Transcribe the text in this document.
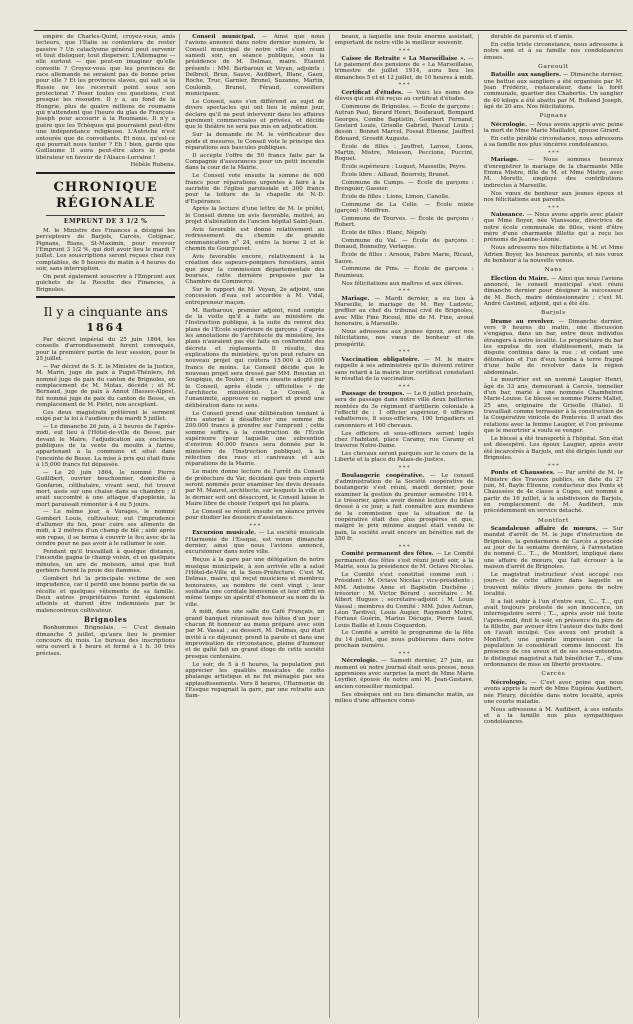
empire de Charles-Quint, croyez-vous, amis lecteurs, que l'Italie se contentera de rester passive ? Un cataclysme général peut survenir et tout disloquer, tout disperser. L'Allemagne — elle surtout — que peut-on imaginer qu'elle convoite ? Croyez-vous que les provinces de race allemande ne seraient pas de bonne prise pour elle ? Et les provinces slaves, qui sait si la Russie ne les recevrait point sous son protectorat ? Poser toutes ces questions, c'est presque les résoudre. Il y a, au fond de la Hongrie, plus de quatre millions de roumains qui n'attendent que l'heure du glas de François-Joseph pour accourir à la Roumanie. Il n'y a guère que les Tchèques qui pourraient peut-être une indépendance religieuse. L'Autriche n'est entourée que de convoitants. Et nous, qu'est-ce qui pourrait nous tenter ? Eh ! bien, garde que Guillaume II aura peut-être alors le geste libérateur en faveur de l'Alsace-Lorraine !

Hébèle Rubens.

CHRONIQUE RÉGIONALE
EMPRUNT DE 3 1/2 %

M. le Ministre des Finances a désigné les percepteurs de Barjols, Carcès, Cotignac, Pignans, Rians, St-Maximin, pour recevoir l'Emprunt 3 1/2 %, qui doit avoir lieu le mardi 7 juillet. Les souscriptions seront reçues chez ces comptables, de 9 heures du matin à 4 heures du soir, sans interruption.

On peut également souscrire à l'Emprunt aux guichets de la Recette des Finances, à Brignoles.

Il y a cinquante ans
1864

Par décret impérial du 25 juin 1864, les conseils d'arrondissement furent convoqués, pour la première partie de leur session, pour le 25 juillet.

— Par décret de S. E. le Ministre de la Justice, M. Marin, juge de paix à Puget-Théniers, fut nommé juge de paix du canton de Brignoles, en remplacement de M. Motas, décédé ; et M. Bernaud, juge de paix à Annot (Basses-Alpes), fut nommé juge de paix du canton de Besse, en remplacement de M. Piétri, non acceptant.

Ces deux magistrats prêtèrent le serment exigé par la loi à l'audience du mardi 5 juillet.

— Le dimanche 26 juin, à 2 heures de l'après-midi, eut lieu à l'Hôtel-de-ville de Besse, par devant le Maire, l'adjudication aux enchères publiques de la vente du moulin à farine, appartenant à la commune et situé dans l'enceinte de Besse. La mise à prix qui était fixée à 15,000 francs fut dépassée.

— Le 20 juin 1864, le nommé Pierre Guillibert, ouvrier bouchonnier, domicilié à Gonfaron, célibataire, vivant seul, fut trouvé mort, assis sur une chaise dans sa chambre ; il avait succombé à une attaque d'apoplexie, la mort paraissait remonter à 4 ou 5 jours.

— Le même jour, à Varages, le nommé Gombert Louis, cultivateur, eut l'imprudence d'allumer du feu, pour cuire ses aliments de midi, à 2 mètres d'un champ de blé ; aidé après son repas, il se borna à couvrir le feu avec de la cendre pour ne pas avoir à le rallumer le soir.

Pendant qu'il travaillait à quelque distance, l'incendie gagna le champ voisin, et en quelques minutes, un are de moisson, ainsi que huit gerbiers furent la proie des flammes.

Gombert fut la principale victime de son imprudence, car il perdit une bonne partie de sa récolte et quelques vêtements de sa famille. Deux autres propriétaires furent également atteints et durent être indemnisés par le malencontreux cultivateur.

Brignoles

Bonhommes Brignolais. — C'est demain dimanche 5 juillet, qu'aura lieu le premier concours du mois. Le bureau des inscriptions sera ouvert à 1 heure et fermé à 1 h. 30 très précises.

Conseil municipal. — Ainsi que nous l'avions annoncé dans notre dernier numéro, le Conseil municipal de notre ville s'est réuni samedi soir, en séance publique, sous la présidence de M. Delmas, maire. Étaient présents : MM. Barbaroux et Veyan, adjoints ; Delbreil, Brun, Sauve, Audibert, Blanc, Gaou, Roche, Truc, Garnier, Brunel, Suzanne, Martin, Coulomb, Brunel, Féraud, conseillers municipaux.

Le Conseil, sans s'en différend au sujet de divers spectacles qui ont lieu le même jour, déclare qu'il ne peut intervenir dans les affaires purement commerciales et privées, et décide que le théâtre ne sera pas mis en adjudication.

Sur la demande de M. le vérificateur des poids et mesures, le Conseil vote le principe des réparations aux bascules publiques.

Il accepte l'offre de 50 francs faite par la Compagnie d'assurances pour un petit incendie dans la cour de la Mairie.

Le Conseil vote ensuite la somme de 600 francs pour réparations urgentes à faire à la sacristie de l'église paroissiale et 300 francs pour la toiture de la chapelle de N.-D. d'Espérance.

Après la lecture d'une lettre de M. le préfet, le Conseil donne un avis favorable, motivé, au projet d'aliénation de l'ancien hôpital Saint-Jean.

Avis favorable est donné relativement au redressement du chemin de grande communication n° 24, entre la borne 2 et le chemin du Gourgouvet.

Avis favorable encore, relativement à la création des sapeurs-pompiers forestiers, ainsi que pour la commission départementale des bourses, cette dernière proposée par la Chambre de Commerce.

Sur le rapport de M. Veyan, 2e adjoint, une concession d'eau est accordée à M. Vidal, entrepreneur maçon.

M. Barbaroux, premier adjoint, rend compte de la visite qu'il a faite au ministère de l'Instruction publique, à la suite du renvoi des plans de l'École supérieure de garçons ; d'après les annotations de l'architecte du ministère, les plans n'auraient pas été faits en conformité des décrets et règlements. Il résulte, des explications du ministère, qu'on peut refaire un nouveau projet qui coûtera 15.000 à 20.000 francs de moins. Le Conseil décide que le nouveau projet sera dressé par MM. Roustan et Soupique, de Toulon ; il sera ensuite adopté par le Conseil, après étude ; officielles » de l'architecte ministériel. Le Conseil, à l'unanimité, approuve ce rapport et prend une délibération dans ce sens.

Le Conseil prend une délibération tendant à être autorisé à désaffecter une somme de 200.000 francs à prendre sur l'emprunt ; cette somme suffira à la construction de l'École supérieure (pour laquelle une subvention d'environ 40.000 francs sera donnée par le ministère de l'Instruction publique), à la réfection des rues et caniveaux et aux réparations de la Mairie.

Le maire donne lecture de l'arrêt du Conseil de préfecture du Var, décidant que trois experts seront nommés pour examiner les devis dressés par M. Maurel, architecte, sur lesquels la ville et le dernier soit ont désaccord, le Conseil laisse le Maire libre de choisir l'expert qui lui plaira.

Le Conseil se réunit ensuite en séance privée pour étudier les dossiers d'assistance.

* * *

Excursion musicale. — La société musicale l'Harmonie de l'Essque, est venue dimanche dernier, ainsi que nous l'avions annoncé, excursionner dans notre ville.

Reçue à la gare par une délégation de notre musique municipale, à son arrivée elle a salué l'Hôtel-de-Ville et la Sous-Préfecture. C'est M. Delmas, maire, qui reçut musiciens et membres honoraires, au nombre de cent vingt ; leur souhaita une cordiale bienvenue et leur offrit en même temps un apéritif d'honneur au nom de la ville.

A midi, dans une salle du Café Français, un grand banquet réunissait nos hôtes d'un jour ; chacun fit honneur au menu préparé avec soin par M. Vassal ; au dessert, M. Delmas, qui était invité à ce déjeuner, prend la parole et dans une improvisation de circonstance, pleine d'humour et de gaîté fait un grand éloge de cette société presque centenaire.

Le soir, de 5 à 6 heures, la population put apprécier les qualités musicales de cette phalange artistique et ne fut ménagée pas ses applaudissements. Vers 8 heures, l'Harmonie de l'Essque regagnait la gare, par une retraite aux flam-

beaux, à laquelle une foule énorme assistait, emportant de notre ville le meilleur souvenir.

* * *

Caisse de Retraite « La Marseillaise ». — Le paiement des pensions de « La Marseillaise, trimestre de juillet 1914, aura lieu les dimanches 5 et et 12 juillet, de 10 heures à midi.

* * *

Certificat d'études. — Voici les noms des élèves qui ont été reçus au certificat d'études.

Commune de Brignoles. — École de garçons : Autran Paul, Bérard Henri, Boufaraud, Bompard Georges, Combe Baptistin, Gombert Fernand, Gostard Louis, Grisolle Gabriel, Pascal Louis ; dessin : Bonnet Marcel, Fossat Étienne, Jauffret Édouard, Grosdit Auguste.

École de filles : Jauffret, Larose, Lions, Martin, Mistre, Moisson, Peccione, Puccini, Roguet.

École supérieure : Luquet, Masseille, Peyre.

École libre : Aillaud, Bourrely, Brunet.

Commune de Camps. — École de garçons : Brenguier, Gassier.

École de filles : Lions, Limon, Canolle.

Commune de La Celle. — École mixte (garçon) : Meiffren.

Commune de Tourves. — École de garçons : Robert.

École de filles : Blanc, Népoly.

Commune du Val. — École de garçons : Bonaud, Bonnefoy, Verlaque.

École de filles : Arnoux, Fabre Marie, Ricaut, Sauve.

Commune de Pins. — École de garçons : Roumieux.

Nos félicitations aux maîtres et aux élèves.

* * *

Mariage. — Mardi dernier, a eu lieu à Marseille, le mariage de M. Rey Ludovic, greffier au chef du tribunal civil de Brignoles, avec Mlle Fine Ricoul, fille de M. Fine, avoué honoraire, à Marseille.

Nous adressons aux jeunes époux, avec nos félicitations, nos vœux de bonheur et de prospérité.

* * *

Vaccination obligatoire. — M. le maire rappelle à ses administrés qu'ils doivent retirer sans retard à la mairie leur certificat constatant le résultat de la vaccination.

* * *

Passage de troupes. — Le 6 juillet prochain, sera de passage dans notre ville deux batteries montées du 3e régiment d'artillerie coloniale à l'effectif de : 1 officier supérieur, 6 officiers subalternes, 8 sous-officiers, 190 brigadiers et canonniers et 160 chevaux.

Les officiers et sous-officiers seront logés chez l'habitant, place Caramy, rue Caramy et traverse Notre-Dame.

Les chevaux seront parqués sur le cours de la Liberté et la place du Palais-de-Justice.

* * *

Boulangerie coopérative. — Le conseil d'administration de la Société coopérative de boulangerie s'est réuni, mardi dernier, pour examiner la gestion du premier semestre 1914. Le trésorier, après avoir donné lecture du bilan dressé à ce jour, a fait connaître aux membres de la commission que la situation de la coopérative était des plus prospères et que, malgré le prix minime auquel était vendu le pain, la société avait encore un bénéfice net de 350 fr.

* * *

Comité permanent des fêtes. — Le Comité permanent des fêtes s'est réuni jeudi soir, à la Mairie, sous la présidence de M. Octave Nicolas.

Le Comité s'est constitué comme suit : Président : M. Octave Nicolas ; vice-présidents : MM. Antoine Anne et Baptistin Duchêne ; trésorier : M. Victor Bérard ; secrétaire : M. Albert Hugues ; secrétaire-adjoint : M. Louis Vassal ; membres du Comité : MM. Jules Autran, Léon Tardivel, Louis Augier, Raymond Mutru, Fortuné Guérin, Marius Décugis, Pierre Iauel, Louis Baille et Louis Coquardon.

Le Comité a arrêté le programme de la fête du 14 juillet, que nous publierons dans notre prochain numéro.

* * *

Nécrologie. — Samedi dernier, 27 juin, au moment où notre journal était sous presse, nous apprenions avec surprise la mort de Mme Marie Leydier, épouse de notre ami M. Jean-Gustave, ancien conseiller municipal.

Ses obsèques ont eu lieu dimanche matin, au milieu d'une affluence consi-

dérable de parents et d'amis.

En cette triste circonstance, nous adressons à notre ami et à sa famille nos condoléances émues.

Gareoult

Bataille aux sangliers. — Dimanche dernier, une battue aux sangliers a été organisée par M. Jean Frédéric, restaurateur, dans la forêt communale, quartier des Chabertis. Un sanglier de 40 kilogs a été abattu par M. Rolland Joseph, âgé de 20 ans. Nos félicitations.

Pignans

Nécrologie. — Nous avons appris avec peine la mort de Mme Marie Maillafet, épouse Girard.

En cette pénible circonstance, nous adressons à sa famille nos plus sincères condoléances.

* * *

Mariage. — Nous sommes heureux d'enregistrer le mariage de la charmante Mlle Emma Mistre, fille de M. et Mme Mistre, avec M. Moretti, employé des contributions indirectes à Marseille.

Nos vœux de bonheur aux jeunes époux et nos félicitations aux parents.

* * *

Naissance. — Nous avons appris avec plaisir que Mme Boyer, née Vianssone, directrice de notre école communale de filles, vient d'être mère d'une charmante fillette qui a reçu les prénoms de Jeanne-Léonie.

Nous adressons nos félicitations à M. et Mme Adrien Boyer, les heureux parents, et nos vœux de bonheur à la nouvelle venue.

Nans

Élection du Maire. — Ainsi que nous l'avions annoncé, le conseil municipal s'est réuni dimanche dernier pour désigner le successeur de M. Bech, maire démissionnaire ; c'est M. André Castinel, adjoint, qui a été élu.

Barjols

Drame au revolver. — Dimanche dernier, vers 9 heures du matin, une discussion s'engagea, dans un bar, entre deux individus étrangers à notre localité. Le propriétaire du bar les expulsa de son établissement, mais la dispute continua dans la rue ; et cédant une détonation et l'un d'eux tomba à terre frappé d'une balle de revolver dans la région abdominale.

Le meurtrier est un nommé Laugier Henri, âgé de 33 ans, demeurant à Carcès, tonnelier d'un bar, marié à une nommée Chambeiron Marie-Louise. Le blessé se nomme Pierre Mallet, 25 ans, originaire de Grisolle (Italie). Il travaillait comme terrassier à la construction de la Coopérative vinicole de Pontevès. Il avait des relations avec la femme Laugier, et l'on présume que le meurtrier a voulu se venger.

Le blessé a été transporté à l'hôpital. Son état est désespéré. Les époux Laugier, après avoir été incarcérés à Barjols, ont été dirigés lundi sur Brignoles.

* * *

Ponts et Chaussées. — Par arrêté de M. le Ministre des Travaux publics, en date du 27 juin, M. Bayle Étienne, conducteur des Ponts et Chaussées de 4e classe à Cuges, est nommé à partir du 16 juillet, à la subdivision de Barjols, en remplacement de M. Audibert, mis précédemment en service détaché.

Montfort

Scandaleuse affaire de mœurs. — Sur mandat d'arrêt de M. le juge d'instruction de Brignoles, la gendarmerie de Carcès a procédé au jour de la semaine dernière, à l'arrestation du nommé C... T..., de Montfort, impliqué dans une affaire de mœurs, qui fait écrouer à la maison d'arrêt de Brignoles.

Le magistrat instructeur s'est occupé ces jours-ci de cette affaire dans laquelle se trouvent mêlés divers jeunes gens de notre localité.

Il a fait subir à l'un d'entre eux, C... T..., qui avait toujours protesté de son innocence, un interrogatoire serré ; T..., après avoir nié toute l'après-midi, finit le soir, en présence du père de la fillette, par avouer être l'auteur des faits dont on l'avait inculpé. Ces aveux ont produit à Montfort, une grande impression car la population le considérait comme innocent. En présence de ces aveux et de ses sous-entendus, le distingué magistrat a fait bénéficier T..., d'une ordonnance de mise en liberté provisoire.

Carcès

Nécrologie. — C'est avec peine que nous avons appris la mort de Mme Eugénie Audibert, née Fleury, décédée dans notre localité, après une courte maladie.

Nous adressons à M. Audibert, à ses enfants et à la famille nos plus sympathiques condoléances.
